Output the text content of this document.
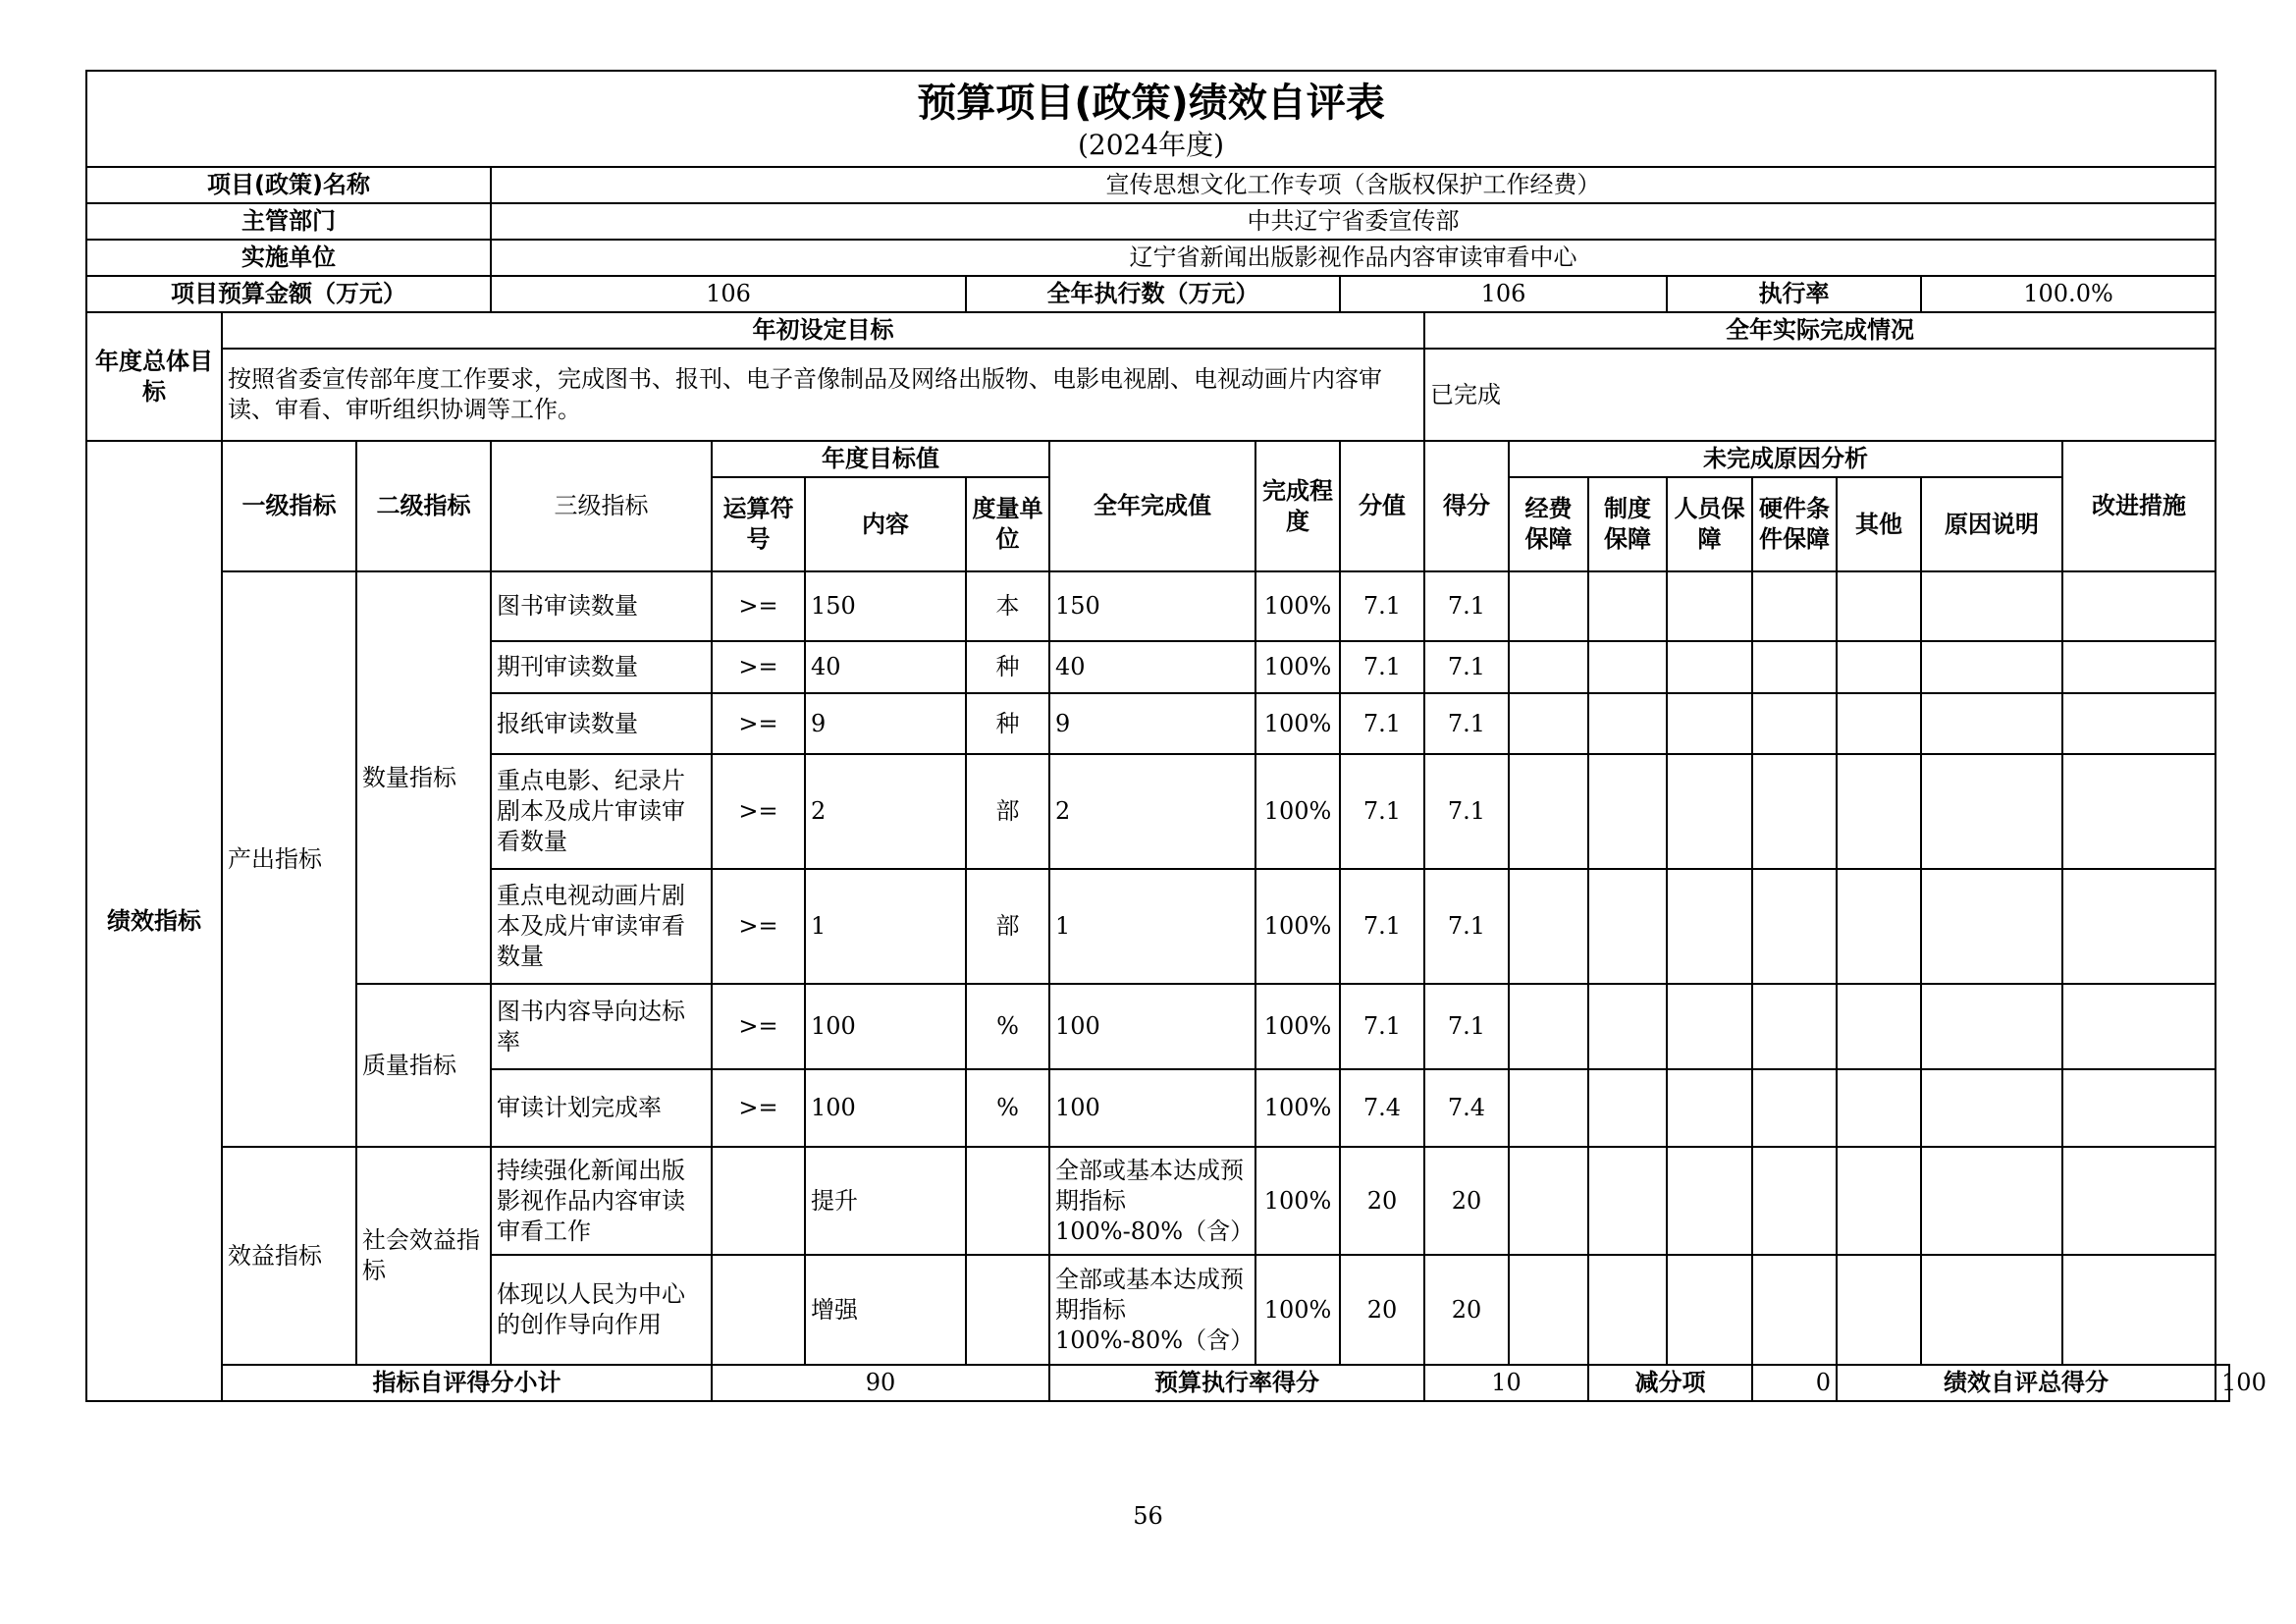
预算项目(政策)绩效自评表
(2024年度)																		

项目(政策)名称			宣传思想文化工作专项（含版权保护工作经费）															
主管部门			中共辽宁省委宣传部															
实施单位			辽宁省新闻出版影视作品内容审读审看中心															
项目预算金额（万元）			106			全年执行数（万元）			106				执行率			100.0%		
年度总体目标	年初设定目标									全年实际完成情况								
	按照省委宣传部年度工作要求，完成图书、报刊、电子音像制品及网络出版物、电影电视剧、电视动画片内容审读、审看、审听组织协调等工作。									已完成								
绩效指标	一级指标	二级指标	三级指标	年度目标值			全年完成值	完成程度	分值	得分	未完成原因分析						改进措施	
				运算符号	内容	度量单位					经费保障	制度保障	人员保障	硬件条件保障	其他	原因说明		
	产出指标	数量指标	图书审读数量	>=	150	本	150	100%	7.1	7.1								
			期刊审读数量	>=	40	种	40	100%	7.1	7.1								
			报纸审读数量	>=	9	种	9	100%	7.1	7.1								
			重点电影、纪录片剧本及成片审读审看数量	>=	2	部	2	100%	7.1	7.1								
			重点电视动画片剧本及成片审读审看数量	>=	1	部	1	100%	7.1	7.1								
		质量指标	图书内容导向达标率	>=	100	%	100	100%	7.1	7.1								
			审读计划完成率	>=	100	%	100	100%	7.4	7.4								
	效益指标	社会效益指标	持续强化新闻出版影视作品内容审读审看工作		提升		全部或基本达成预期指标100%-80%（含）	100%	20	20								
			体现以人民为中心的创作导向作用		增强		全部或基本达成预期指标100%-80%（含）	100%	20	20								
	指标自评得分小计			90			预算执行率得分			10		减分项		0	绩效自评总得分			100
56
